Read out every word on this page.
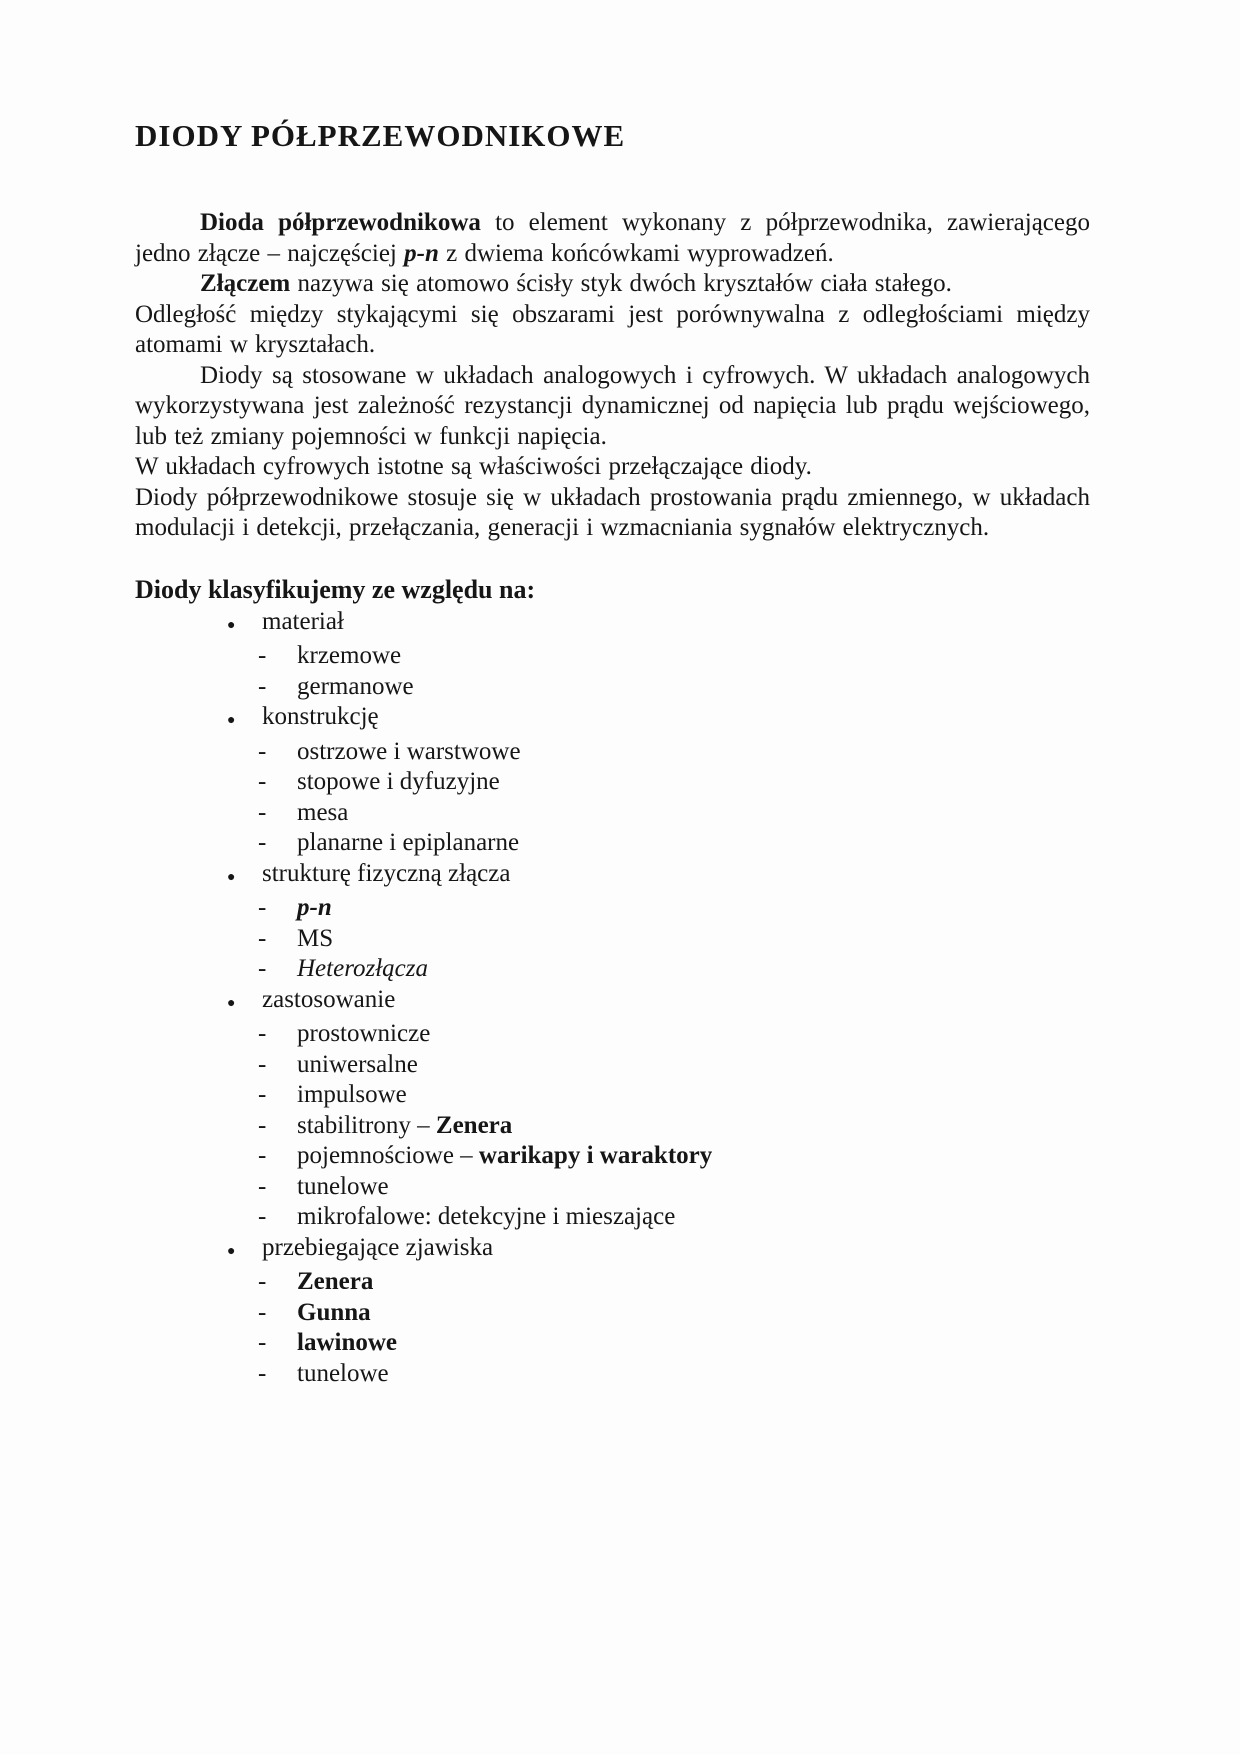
DIODY PÓŁPRZEWODNIKOWE

Dioda półprzewodnikowa to element wykonany z półprzewodnika, zawierającego jedno złącze – najczęściej p-n z dwiema końcówkami wyprowadzeń.

Złączem nazywa się atomowo ścisły styk dwóch kryształów ciała stałego.

Odległość między stykającymi się obszarami jest porównywalna z odległościami między atomami w kryształach.

Diody są stosowane w układach analogowych i cyfrowych. W układach analogowych wykorzystywana jest zależność rezystancji dynamicznej od napięcia lub prądu wejściowego, lub też zmiany pojemności w funkcji napięcia.

W układach cyfrowych istotne są właściwości przełączające diody.

Diody półprzewodnikowe stosuje się w układach prostowania prądu zmiennego, w układach modulacji i detekcji, przełączania, generacji i wzmacniania sygnałów elektrycznych.

Diody klasyfikujemy ze względu na:
●	materiał
-	krzemowe
-	germanowe
●	konstrukcję
-	ostrzowe i warstwowe
-	stopowe i dyfuzyjne
-	mesa
-	planarne i epiplanarne
●	strukturę fizyczną złącza
-	p-n
-	MS
-	Heterozłącza
●	zastosowanie
-	prostownicze
-	uniwersalne
-	impulsowe
-	stabilitrony – Zenera
-	pojemnościowe – warikapy i waraktory
-	tunelowe
-	mikrofalowe: detekcyjne i mieszające
●	przebiegające zjawiska
-	Zenera
-	Gunna
-	lawinowe
-	tunelowe
